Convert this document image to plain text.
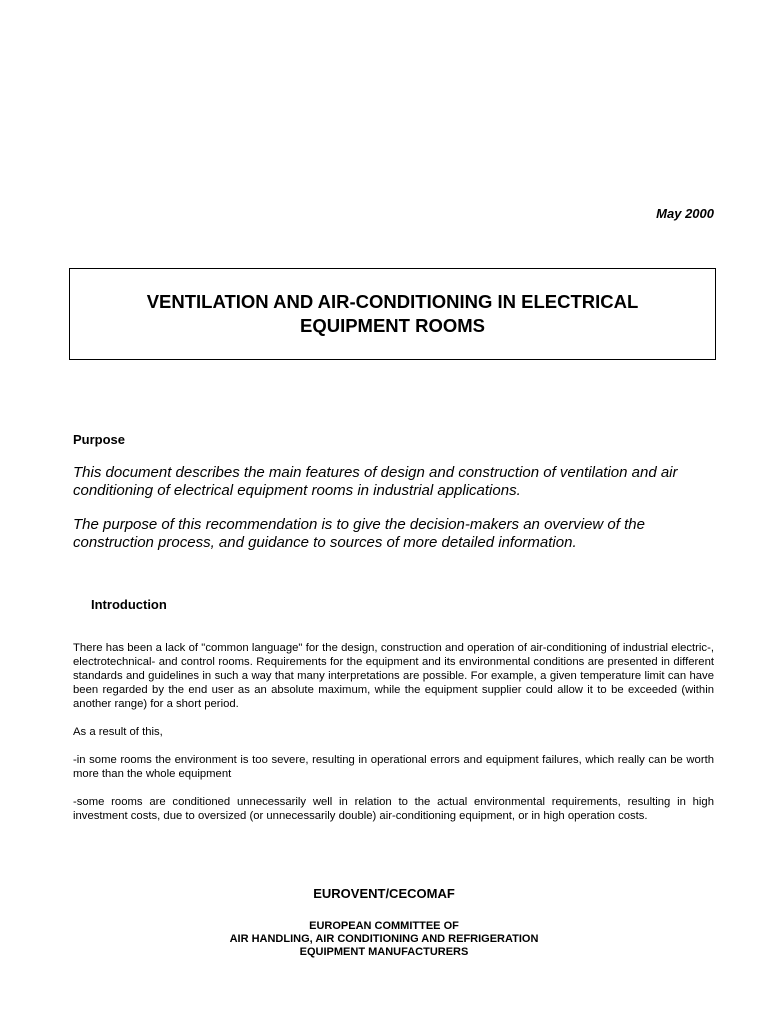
May 2000
VENTILATION AND AIR-CONDITIONING IN ELECTRICAL
EQUIPMENT ROOMS
Purpose

This document describes the main features of design and construction of ventilation and air conditioning of electrical equipment rooms in industrial applications.

The purpose of this recommendation is to give the decision-makers an overview of the construction process, and guidance to sources of more detailed information.

Introduction

There has been a lack of "common language" for the design, construction and operation of air-conditioning of industrial electric-, electrotechnical- and control rooms. Requirements for the equipment and its environmental conditions are presented in different standards and guidelines in such a way that many interpretations are possible. For example, a given temperature limit can have been regarded by the end user as an absolute maximum, while the equipment supplier could allow it to be exceeded (within another range) for a short period.

As a result of this,

-in some rooms the environment is too severe, resulting in operational errors and equipment failures, which really can be worth more than the whole equipment

-some rooms are conditioned unnecessarily well in relation to the actual environmental requirements, resulting in high investment costs, due to oversized (or unnecessarily double) air-conditioning equipment, or in high operation costs.

EUROVENT/CECOMAF

EUROPEAN COMMITTEE OF
AIR HANDLING, AIR CONDITIONING AND REFRIGERATION
EQUIPMENT MANUFACTURERS
